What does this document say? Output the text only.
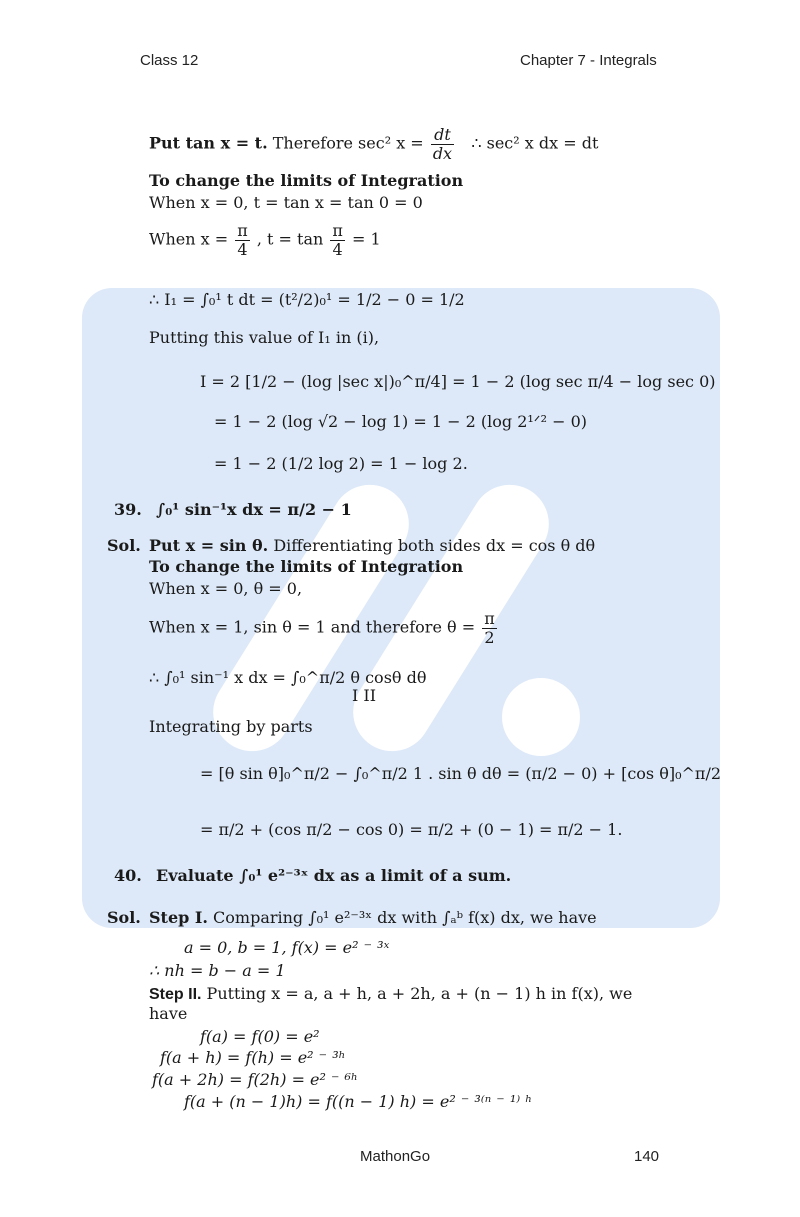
Class 12	Chapter 7 - Integrals
Put tan x = t. Therefore sec² $x = \frac{dt}{dx}$ ∴ sec² x dx = dt
To change the limits of Integration
When x = 0, t = tan x = tan 0 = 0
When $x = \frac{\pi}{4}$ , $t = \tan \frac{\pi}{4} = 1$
∴ I₁ = ∫₀¹ t dt = (t²/2)₀¹ = 1/2 − 0 = 1/2
Putting this value of I₁ in (i),
I = 2 [1/2 − (log |sec x|)₀^π/4] = 1 − 2 (log sec π/4 − log sec 0)
= 1 − 2 (log √2 − log 1) = 1 − 2 (log 2¹ᐟ² − 0)
= 1 − 2 (1/2 log 2) = 1 − log 2.
39. ∫₀¹ sin⁻¹x dx = π/2 − 1
Sol. Put x = sin θ. Differentiating both sides dx = cos θ dθ
To change the limits of Integration
When x = 0, θ = 0,
When x = 1, sin θ = 1 and therefore $\theta = \frac{\pi}{2}$
∴ ∫₀¹ sin⁻¹ x dx = ∫₀^π/2 θ cosθ dθ
I II
Integrating by parts
= [θ sin θ]₀^π/2 − ∫₀^π/2 1 . sin θ dθ = (π/2 − 0) + [cos θ]₀^π/2
= π/2 + (cos π/2 − cos 0) = π/2 + (0 − 1) = π/2 − 1.
40. Evaluate ∫₀¹ e²⁻³ˣ dx as a limit of a sum.
Sol. Step I. Comparing ∫₀¹ e²⁻³ˣ dx with ∫ₐᵇ f(x) dx, we have
a = 0, b = 1, f(x) = e² ⁻ ³ˣ
∴ nh = b − a = 1
Step II. Putting x = a, a + h, a + 2h, a + (n − 1) h in f(x), we
have
f(a) = f(0) = e²
f(a + h) = f(h) = e² ⁻ ³ʰ
f(a + 2h) = f(2h) = e² ⁻ ⁶ʰ
f(a + (n − 1)h) = f((n − 1) h) = e² ⁻ ³⁽ⁿ ⁻ ¹⁾ ʰ
MathonGo	140
